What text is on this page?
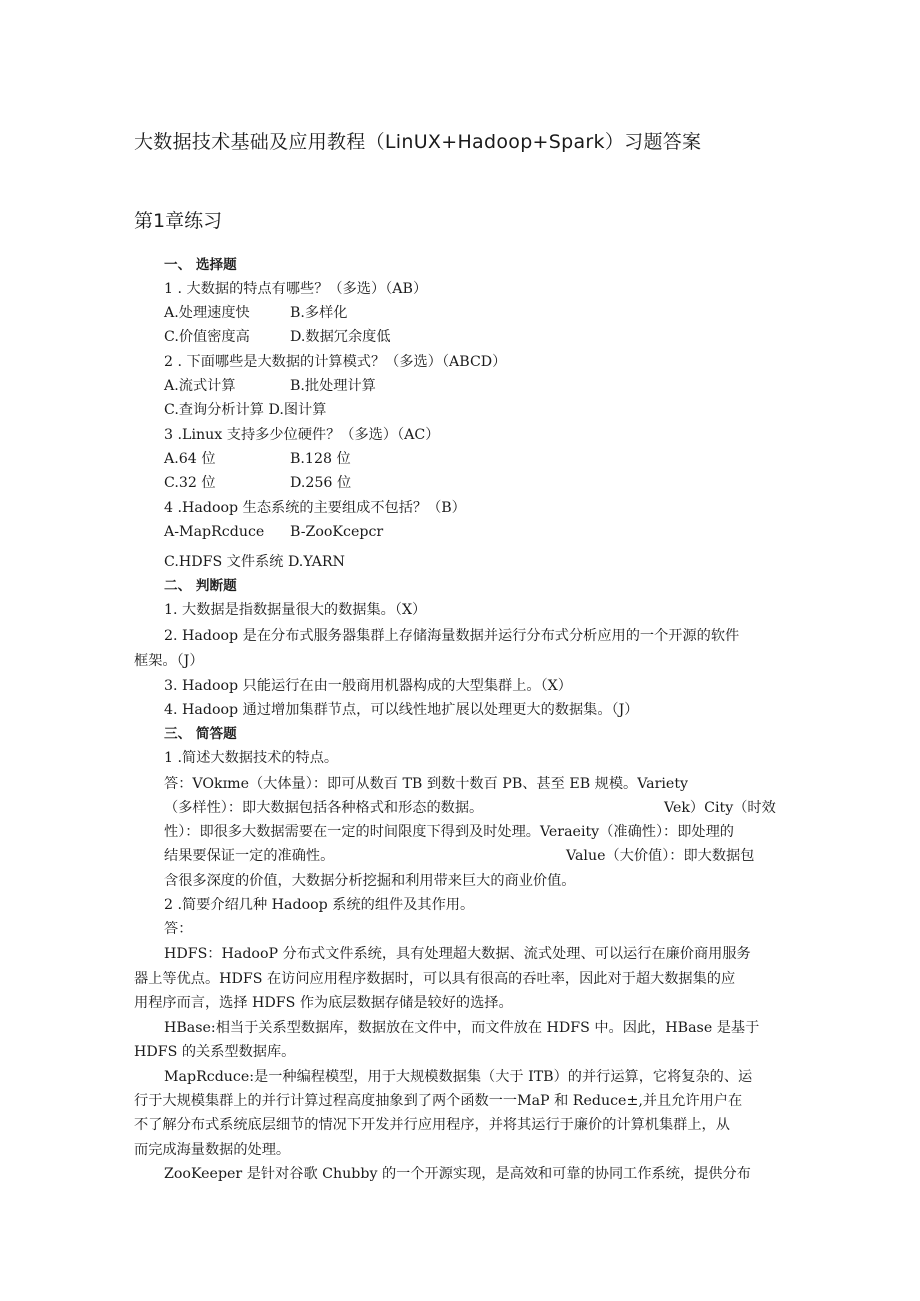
大数据技术基础及应用教程（LinUX+Hadoop+Spark）习题答案
第1章练习
一、 选择题
1 . 大数据的特点有哪些？（多选）（AB）
A.处理速度快	B.多样化
C.价值密度高	D.数据冗余度低
2 . 下面哪些是大数据的计算模式？（多选）（ABCD）
A.流式计算	B.批处理计算
C.查询分析计算 D.图计算
3 .Linux 支持多少位硬件？（多选）（AC）
A.64 位	B.128 位
C.32 位	D.256 位
4 .Hadoop 生态系统的主要组成不包括？（B）
A-MapRcduce B-ZooKcepcr
C.HDFS 文件系统 D.YARN
二、 判断题
1. 大数据是指数据量很大的数据集。（X）
2. Hadoop 是在分布式服务器集群上存储海量数据并运行分布式分析应用的一个开源的软件
框架。（J）
3. Hadoop 只能运行在由一般商用机器构成的大型集群上。（X）
4. Hadoop 通过增加集群节点，可以线性地扩展以处理更大的数据集。（J）
三、 简答题
1 .简述大数据技术的特点。
答：VOkɪme（大体量）：即可从数百 TB 到数十数百 PB、甚至 EB 规模。Variety
（多样性）：即大数据包括各种格式和形态的数据。	Vek）City（时效
性）：即很多大数据需要在一定的时间限度下得到及时处理。Veraeity（准确性）：即处理的
结果要保证一定的准确性。	Value（大价值）：即大数据包
含很多深度的价值，大数据分析挖掘和利用带来巨大的商业价值。
2 .简要介绍几种 Hadoop 系统的组件及其作用。
答：
HDFS：HadooP 分布式文件系统，具有处理超大数据、流式处理、可以运行在廉价商用服务
器上等优点。HDFS 在访问应用程序数据时，可以具有很高的吞吐率，因此对于超大数据集的应
用程序而言，选择 HDFS 作为底层数据存储是较好的选择。
HBase:相当于关系型数据库，数据放在文件中，而文件放在 HDFS 中。因此，HBase 是基于
HDFS 的关系型数据库。
MapRcduce:是一种编程模型，用于大规模数据集（大于 ITB）的并行运算，它将复杂的、运
行于大规模集群上的并行计算过程高度抽象到了两个函数一一MaP 和 Reduce±,并且允许用户在
不了解分布式系统底层细节的情况下开发并行应用程序，并将其运行于廉价的计算机集群上，从
而完成海量数据的处理。
ZooKeeper 是针对谷歌 Chubby 的一个开源实现，是高效和可靠的协同工作系统，提供分布
